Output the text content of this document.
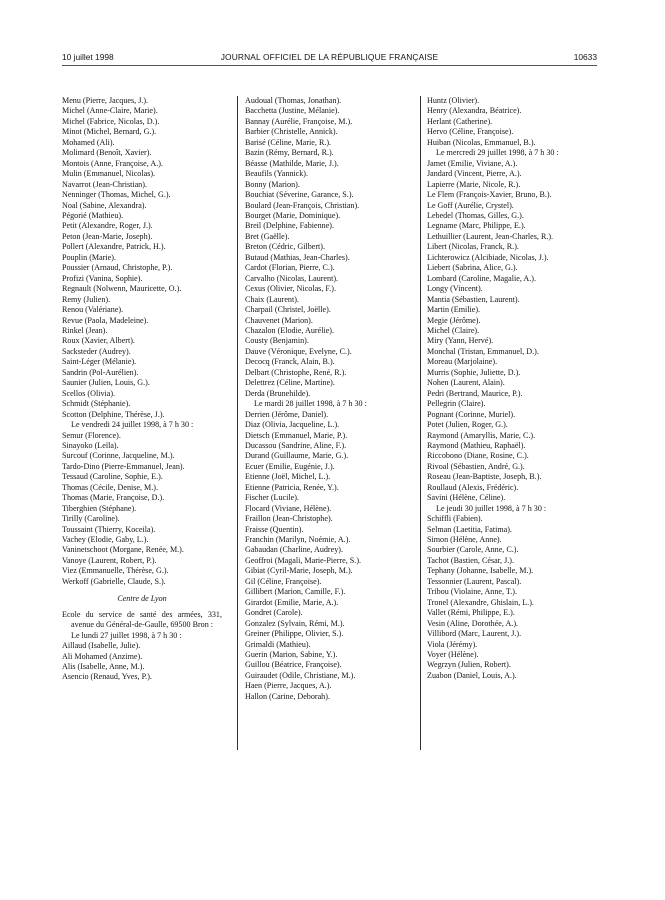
10 juillet 1998	JOURNAL OFFICIEL DE LA RÉPUBLIQUE FRANÇAISE	10633
Menu (Pierre, Jacques, J.).
Michel (Anne-Claire, Marie).
Michel (Fabrice, Nicolas, D.).
Minot (Michel, Bernard, G.).
Mohamed (Ali).
Molimard (Benoît, Xavier).
Montois (Anne, Françoise, A.).
Mulin (Emmanuel, Nicolas).
Navarrot (Jean-Christian).
Nenninger (Thomas, Michel, G.).
Noal (Sabine, Alexandra).
Pégorié (Mathieu).
Petit (Alexandre, Roger, J.).
Peton (Jean-Marie, Joseph).
Pollert (Alexandre, Patrick, H.).
Pouplin (Marie).
Poussier (Arnaud, Christophe, P.).
Profizi (Vanina, Sophie).
Regnault (Nolwenn, Mauricette, O.).
Remy (Julien).
Renou (Valériane).
Revue (Paola, Madeleine).
Rinkel (Jean).
Roux (Xavier, Albert).
Sacksteder (Audrey).
Saint-Léger (Mélanie).
Sandrin (Pol-Aurélien).
Saunier (Julien, Louis, G.).
Scellos (Olivia).
Schmidt (Stéphanie).
Scotton (Delphine, Thérèse, J.).
Le vendredi 24 juillet 1998, à 7 h 30 :
Semur (Florence).
Sinayoko (Leïla).
Surcouf (Corinne, Jacqueline, M.).
Tardo-Dino (Pierre-Emmanuel, Jean).
Tessaud (Caroline, Sophie, E.).
Thomas (Cécile, Denise, M.).
Thomas (Marie, Françoise, D.).
Tiberghien (Stéphane).
Tirilly (Caroline).
Toussaint (Thierry, Koceila).
Vachey (Elodie, Gaby, L.).
Vaninetschoot (Morgane, Renée, M.).
Vanoye (Laurent, Robert, P.).
Viez (Emmanuelle, Thérèse, G.).
Werkoff (Gabrielle, Claude, S.).
Centre de Lyon
Ecole du service de santé des armées, 331, avenue du Général-de-Gaulle, 69500 Bron :
Le lundi 27 juillet 1998, à 7 h 30 :
Aillaud (Isabelle, Julie).
Ali Mohamed (Anzime).
Alis (Isabelle, Anne, M.).
Asencio (Renaud, Yves, P.).
Audoual (Thomas, Jonathan).
Bacchetta (Justine, Mélanie).
Bannay (Aurélie, Françoise, M.).
Barbier (Christelle, Annick).
Barisé (Céline, Marie, R.).
Bazin (Rémy, Bernard, R.).
Béasse (Mathilde, Marie, J.).
Beaufils (Yannick).
Bonny (Marion).
Bouchiat (Séverine, Garance, S.).
Boulard (Jean-François, Christian).
Bourget (Marie, Dominique).
Breil (Delphine, Fabienne).
Bret (Gaëlle).
Breton (Cédric, Gilbert).
Butaud (Mathias, Jean-Charles).
Cardot (Florian, Pierre, C.).
Carvalho (Nicolas, Laurent).
Cexus (Olivier, Nicolas, F.).
Chaix (Laurent).
Charpail (Christel, Joëlle).
Chauvenet (Marion).
Chazalon (Elodie, Aurélie).
Cousty (Benjamin).
Dauve (Véronique, Evelyne, C.).
Decocq (Franck, Alain, B.).
Delbart (Christophe, René, R.).
Delettrez (Céline, Martine).
Derda (Brunehilde).
Le mardi 28 juillet 1998, à 7 h 30 :
Derrien (Jérôme, Daniel).
Diaz (Olivia, Jacqueline, L.).
Dietsch (Emmanuel, Marie, P.).
Ducassou (Sandrine, Aline, F.).
Durand (Guillaume, Marie, G.).
Ecuer (Emilie, Eugénie, J.).
Etienne (Joël, Michel, L.).
Etienne (Patricia, Renée, Y.).
Fischer (Lucile).
Flocard (Viviane, Hélène).
Fraillon (Jean-Christophe).
Fraisse (Quentin).
Franchin (Marilyn, Noémie, A.).
Gabaudan (Charline, Audrey).
Geoffroi (Magali, Marie-Pierre, S.).
Gibiat (Cyril-Marie, Joseph, M.).
Gil (Céline, Françoise).
Gillibert (Marion, Camille, F.).
Girardot (Emilie, Marie, A.).
Gondret (Carole).
Gonzalez (Sylvain, Rémi, M.).
Greiner (Philippe, Olivier, S.).
Grimaldi (Mathieu).
Guerin (Marion, Sabine, Y.).
Guillou (Béatrice, Françoise).
Guiraudet (Odile, Christiane, M.).
Haen (Pierre, Jacques, A.).
Hallon (Carine, Deborah).
Huntz (Olivier).
Henry (Alexandra, Béatrice).
Herlant (Catherine).
Hervo (Céline, Françoise).
Huiban (Nicolas, Emmanuel, B.).
Le mercredi 29 juillet 1998, à 7 h 30 :
Jamet (Emilie, Viviane, A.).
Jandard (Vincent, Pierre, A.).
Lapierre (Marie, Nicole, R.).
Le Flem (François-Xavier, Bruno, B.).
Le Goff (Aurélie, Crystel).
Lebedel (Thomas, Gilles, G.).
Legname (Marc, Philippe, E.).
Lethuillier (Laurent, Jean-Charles, R.).
Libert (Nicolas, Franck, R.).
Lichterowicz (Alcibiade, Nicolas, J.).
Liebert (Sabrina, Alice, G.).
Lombard (Caroline, Magalie, A.).
Longy (Vincent).
Mantia (Sébastien, Laurent).
Martin (Emilie).
Megie (Jérôme).
Michel (Claire).
Miry (Yann, Hervé).
Monchal (Tristan, Emmanuel, D.).
Moreau (Marjolaine).
Murris (Sophie, Juliette, D.).
Nohen (Laurent, Alain).
Pedri (Bertrand, Maurice, P.).
Pellegrin (Claire).
Pognant (Corinne, Muriel).
Potet (Julien, Roger, G.).
Raymond (Amaryllis, Marie, C.).
Raymond (Mathieu, Raphaël).
Riccobono (Diane, Rosine, C.).
Rivoal (Sébastien, André, G.).
Roseau (Jean-Baptiste, Joseph, B.).
Roullaud (Alexis, Frédéric).
Savini (Hélène, Céline).
Le jeudi 30 juillet 1998, à 7 h 30 :
Schiffli (Fabien).
Selman (Laetitia, Fatima).
Simon (Hélène, Anne).
Sourbier (Carole, Anne, C.).
Tachot (Bastien, César, J.).
Tephany (Johanne, Isabelle, M.).
Tessonnier (Laurent, Pascal).
Tribou (Violaine, Anne, T.).
Tronel (Alexandre, Ghislain, L.).
Vallet (Rémi, Philippe, E.).
Vesin (Aline, Dorothée, A.).
Villibord (Marc, Laurent, J.).
Viola (Jérémy).
Voyer (Hélène).
Wegrzyn (Julien, Robert).
Zuabon (Daniel, Louis, A.).
